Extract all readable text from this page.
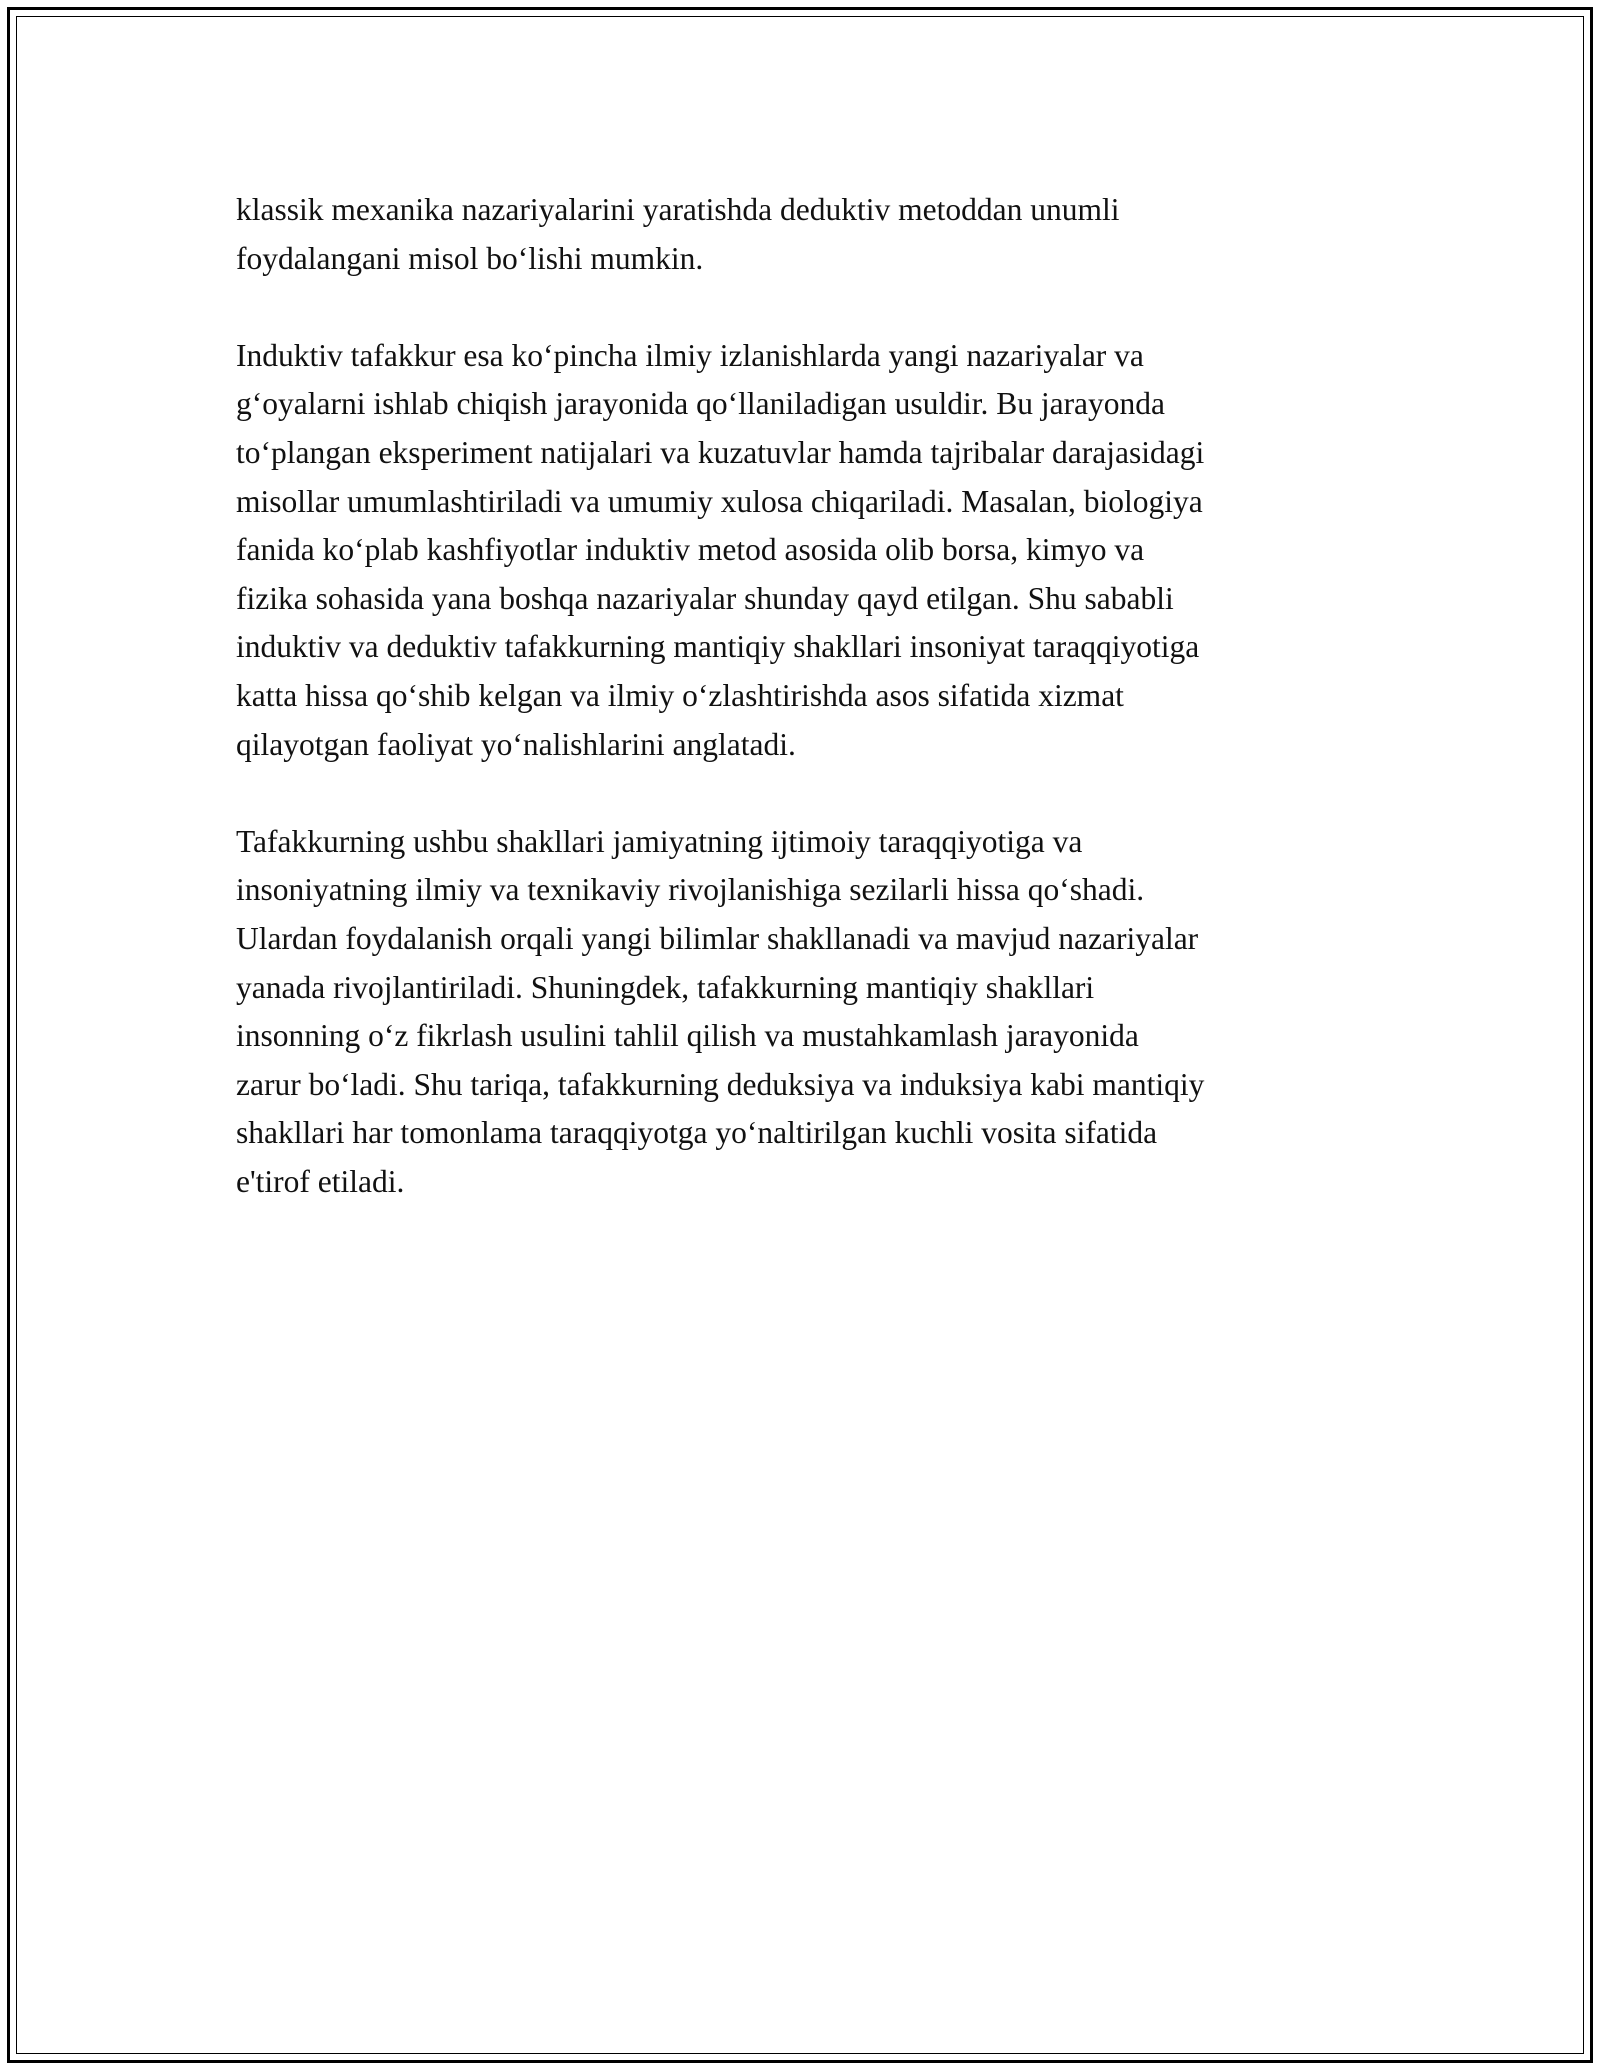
klassik mexanika nazariyalarini yaratishda deduktiv metoddan unumli
foydalangani misol bo‘lishi mumkin.

Induktiv tafakkur esa ko‘pincha ilmiy izlanishlarda yangi nazariyalar va
g‘oyalarni ishlab chiqish jarayonida qo‘llaniladigan usuldir. Bu jarayonda
to‘plangan eksperiment natijalari va kuzatuvlar hamda tajribalar darajasidagi
misollar umumlashtiriladi va umumiy xulosa chiqariladi. Masalan, biologiya
fanida ko‘plab kashfiyotlar induktiv metod asosida olib borsa, kimyo va
fizika sohasida yana boshqa nazariyalar shunday qayd etilgan. Shu sababli
induktiv va deduktiv tafakkurning mantiqiy shakllari insoniyat taraqqiyotiga
katta hissa qo‘shib kelgan va ilmiy o‘zlashtirishda asos sifatida xizmat
qilayotgan faoliyat yo‘nalishlarini anglatadi.

Tafakkurning ushbu shakllari jamiyatning ijtimoiy taraqqiyotiga va
insoniyatning ilmiy va texnikaviy rivojlanishiga sezilarli hissa qo‘shadi.
Ulardan foydalanish orqali yangi bilimlar shakllanadi va mavjud nazariyalar
yanada rivojlantiriladi. Shuningdek, tafakkurning mantiqiy shakllari
insonning o‘z fikrlash usulini tahlil qilish va mustahkamlash jarayonida
zarur bo‘ladi. Shu tariqa, tafakkurning deduksiya va induksiya kabi mantiqiy
shakllari har tomonlama taraqqiyotga yo‘naltirilgan kuchli vosita sifatida
e'tirof etiladi.
